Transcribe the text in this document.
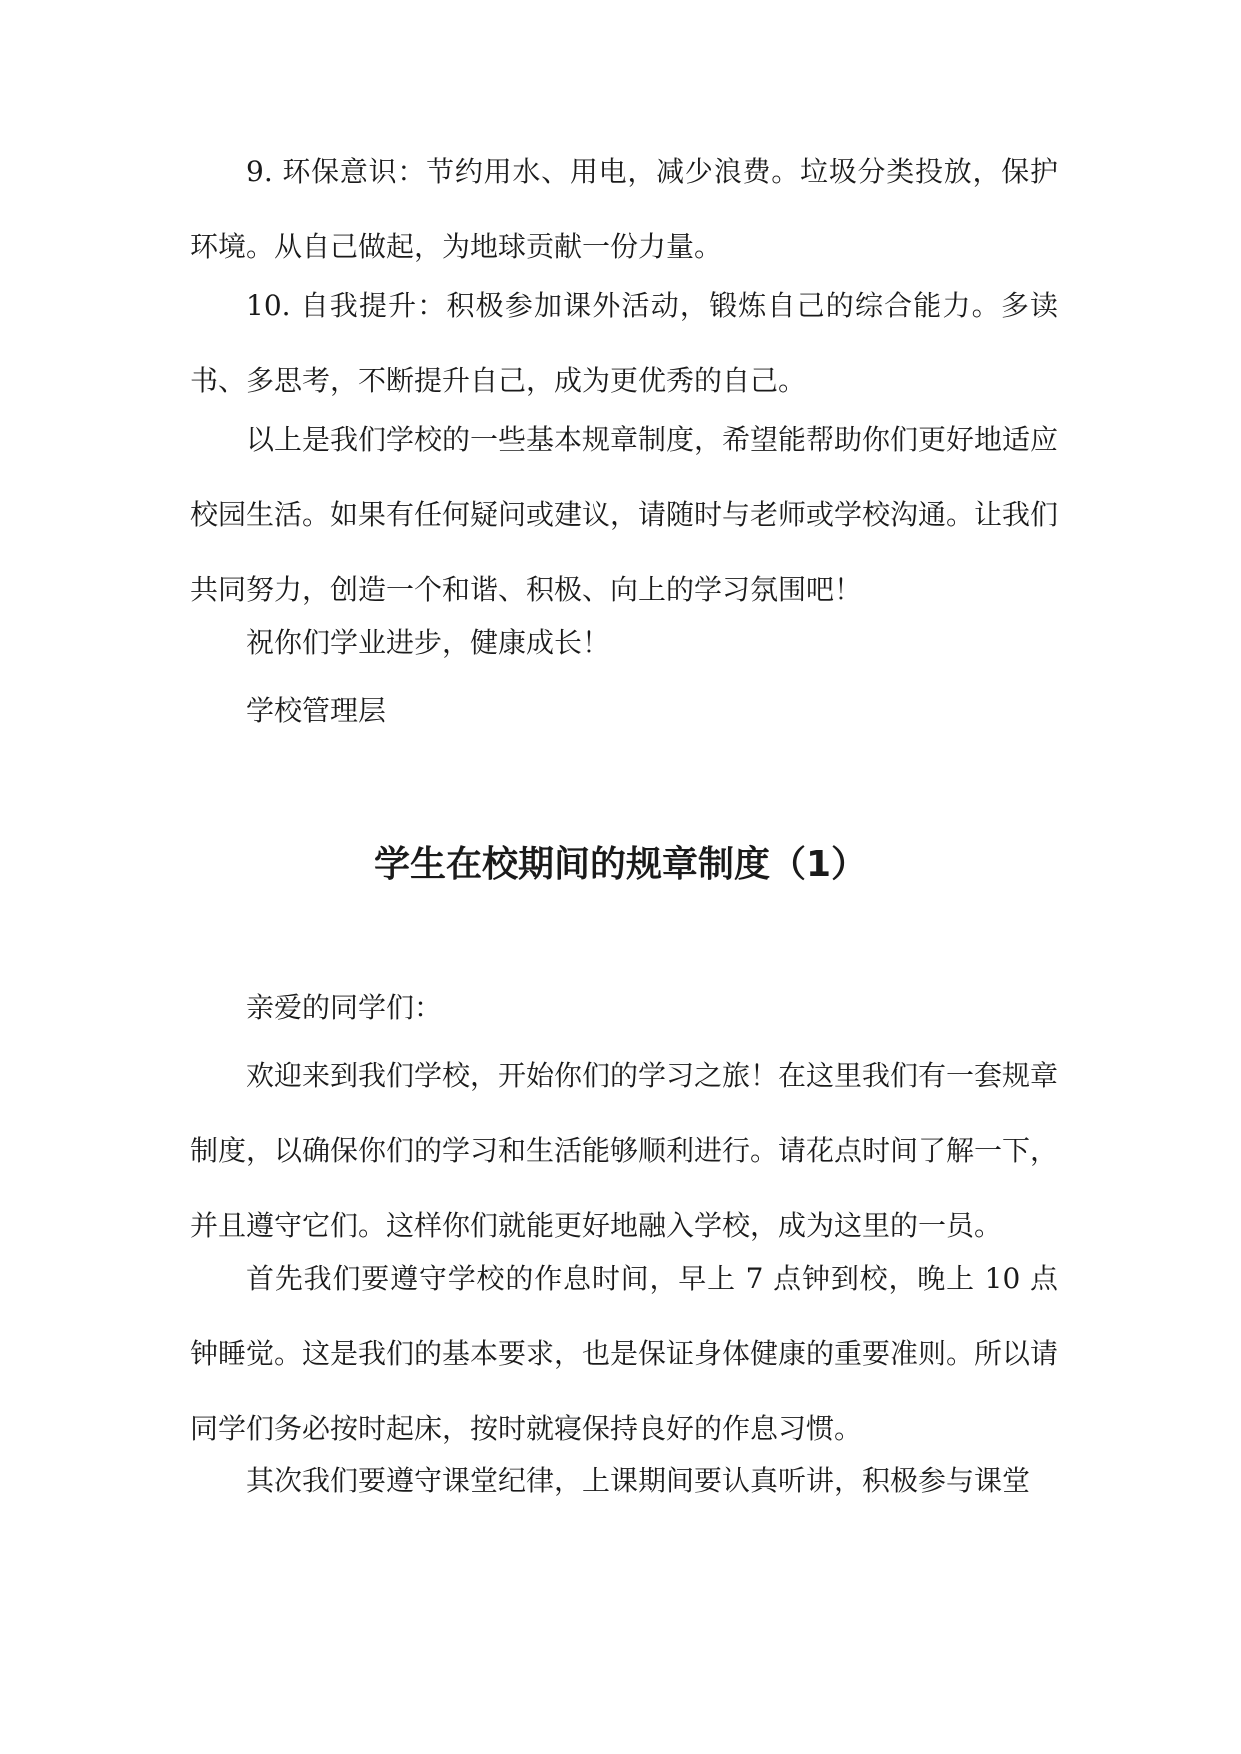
9. 环保意识：节约用水、用电，减少浪费。垃圾分类投放，保护环境。从自己做起，为地球贡献一份力量。

10. 自我提升：积极参加课外活动，锻炼自己的综合能力。多读书、多思考，不断提升自己，成为更优秀的自己。

以上是我们学校的一些基本规章制度，希望能帮助你们更好地适应校园生活。如果有任何疑问或建议，请随时与老师或学校沟通。让我们共同努力，创造一个和谐、积极、向上的学习氛围吧！

祝你们学业进步，健康成长！

学校管理层

学生在校期间的规章制度（1）

亲爱的同学们：

欢迎来到我们学校，开始你们的学习之旅！在这里我们有一套规章制度，以确保你们的学习和生活能够顺利进行。请花点时间了解一下，并且遵守它们。这样你们就能更好地融入学校，成为这里的一员。

首先我们要遵守学校的作息时间，早上 7 点钟到校，晚上 10 点钟睡觉。这是我们的基本要求，也是保证身体健康的重要准则。所以请同学们务必按时起床，按时就寝保持良好的作息习惯。

其次我们要遵守课堂纪律，上课期间要认真听讲，积极参与课堂
